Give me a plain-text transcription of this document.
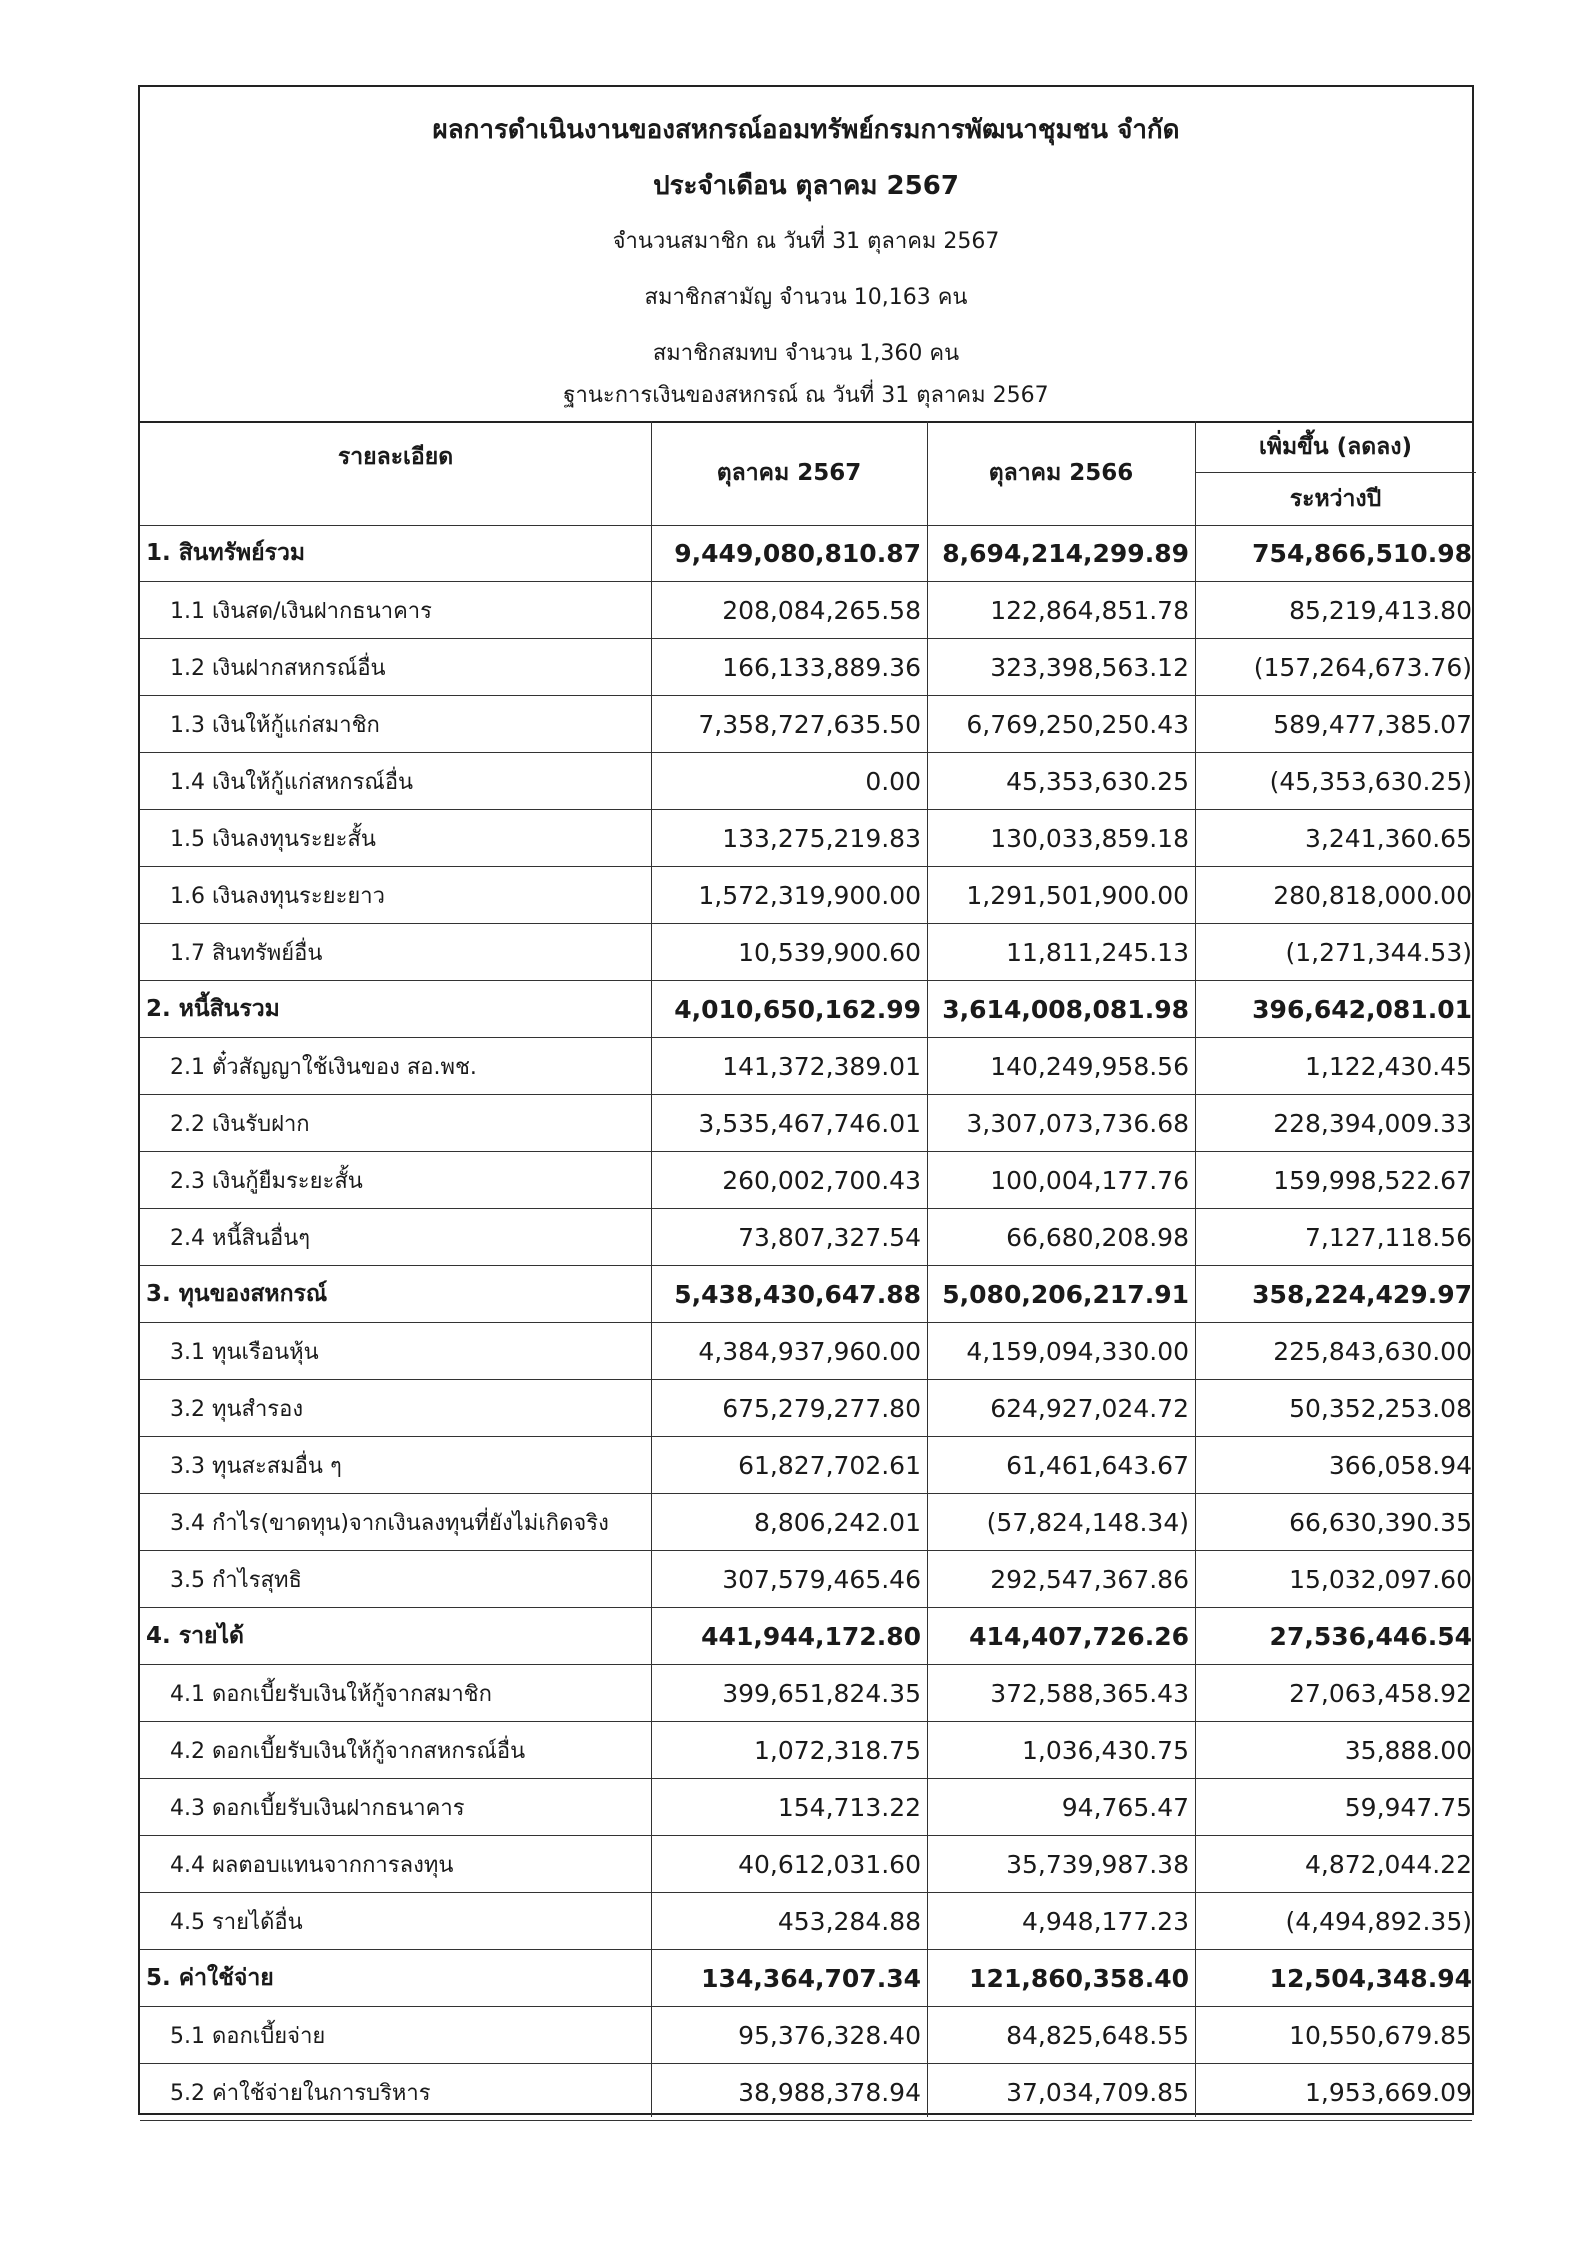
ผลการดำเนินงานของสหกรณ์ออมทรัพย์กรมการพัฒนาชุมชน จำกัด
ประจำเดือน ตุลาคม 2567
จำนวนสมาชิก ณ วันที่ 31 ตุลาคม 2567
สมาชิกสามัญ จำนวน 10,163 คน
สมาชิกสมทบ จำนวน 1,360 คน
ฐานะการเงินของสหกรณ์ ณ วันที่ 31 ตุลาคม 2567
รายละเอียด
ตุลาคม 2567	ตุลาคม 2566
เพิ่มขึ้น (ลดลง)
ระหว่างปี
1. สินทรัพย์รวม	9,449,080,810.87 8,694,214,299.89	754,866,510.98
1.1 เงินสด/เงินฝากธนาคาร	208,084,265.58	122,864,851.78	85,219,413.80
1.2 เงินฝากสหกรณ์อื่น	166,133,889.36	323,398,563.12	(157,264,673.76)
1.3 เงินให้กู้แก่สมาชิก	7,358,727,635.50	6,769,250,250.43	589,477,385.07
1.4 เงินให้กู้แก่สหกรณ์อื่น	0.00	45,353,630.25	(45,353,630.25)
1.5 เงินลงทุนระยะสั้น	133,275,219.83	130,033,859.18	3,241,360.65
1.6 เงินลงทุนระยะยาว	1,572,319,900.00	1,291,501,900.00	280,818,000.00
1.7 สินทรัพย์อื่น	10,539,900.60	11,811,245.13	(1,271,344.53)
2. หนี้สินรวม	4,010,650,162.99 3,614,008,081.98	396,642,081.01
2.1 ตั๋วสัญญาใช้เงินของ สอ.พช.	141,372,389.01	140,249,958.56	1,122,430.45
2.2 เงินรับฝาก	3,535,467,746.01	3,307,073,736.68	228,394,009.33
2.3 เงินกู้ยืมระยะสั้น	260,002,700.43	100,004,177.76	159,998,522.67
2.4 หนี้สินอื่นๆ	73,807,327.54	66,680,208.98	7,127,118.56
3. ทุนของสหกรณ์	5,438,430,647.88 5,080,206,217.91	358,224,429.97
3.1 ทุนเรือนหุ้น	4,384,937,960.00	4,159,094,330.00	225,843,630.00
3.2 ทุนสำรอง	675,279,277.80	624,927,024.72	50,352,253.08
3.3 ทุนสะสมอื่น ๆ	61,827,702.61	61,461,643.67	366,058.94
3.4 กำไร(ขาดทุน)จากเงินลงทุนที่ยังไม่เกิดจริง	8,806,242.01	(57,824,148.34)	66,630,390.35
3.5 กำไรสุทธิ	307,579,465.46	292,547,367.86	15,032,097.60
4. รายได้	441,944,172.80	414,407,726.26	27,536,446.54
4.1 ดอกเบี้ยรับเงินให้กู้จากสมาชิก	399,651,824.35	372,588,365.43	27,063,458.92
4.2 ดอกเบี้ยรับเงินให้กู้จากสหกรณ์อื่น	1,072,318.75	1,036,430.75	35,888.00
4.3 ดอกเบี้ยรับเงินฝากธนาคาร	154,713.22	94,765.47	59,947.75
4.4 ผลตอบแทนจากการลงทุน	40,612,031.60	35,739,987.38	4,872,044.22
4.5 รายได้อื่น	453,284.88	4,948,177.23	(4,494,892.35)
5. ค่าใช้จ่าย	134,364,707.34	121,860,358.40	12,504,348.94
5.1 ดอกเบี้ยจ่าย	95,376,328.40	84,825,648.55	10,550,679.85
5.2 ค่าใช้จ่ายในการบริหาร	38,988,378.94	37,034,709.85	1,953,669.09
